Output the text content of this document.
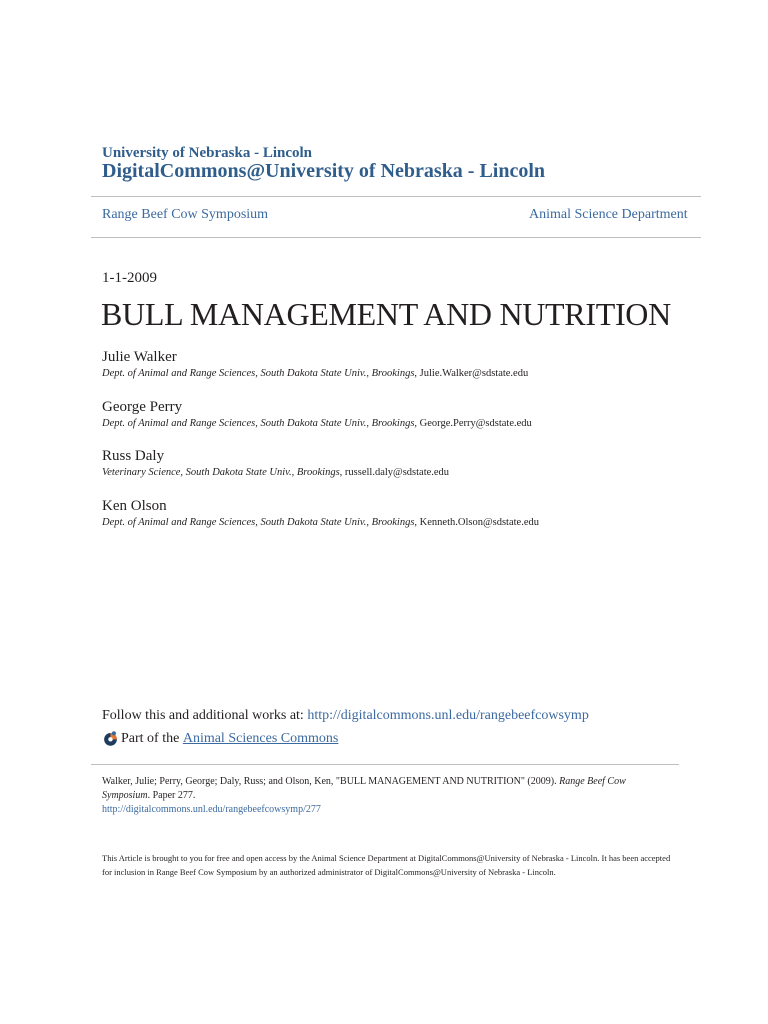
University of Nebraska - Lincoln
DigitalCommons@University of Nebraska - Lincoln
Range Beef Cow Symposium	Animal Science Department
1-1-2009
BULL MANAGEMENT AND NUTRITION
Julie Walker
Dept. of Animal and Range Sciences, South Dakota State Univ., Brookings, Julie.Walker@sdstate.edu
George Perry
Dept. of Animal and Range Sciences, South Dakota State Univ., Brookings, George.Perry@sdstate.edu
Russ Daly
Veterinary Science, South Dakota State Univ., Brookings, russell.daly@sdstate.edu
Ken Olson
Dept. of Animal and Range Sciences, South Dakota State Univ., Brookings, Kenneth.Olson@sdstate.edu
Follow this and additional works at: http://digitalcommons.unl.edu/rangebeefcowsymp
Part of the
Animal Sciences Commons
Walker, Julie; Perry, George; Daly, Russ; and Olson, Ken, "BULL MANAGEMENT AND NUTRITION" (2009). Range Beef Cow Symposium. Paper 277.
http://digitalcommons.unl.edu/rangebeefcowsymp/277
This Article is brought to you for free and open access by the Animal Science Department at DigitalCommons@University of Nebraska - Lincoln. It has been accepted for inclusion in Range Beef Cow Symposium by an authorized administrator of DigitalCommons@University of Nebraska - Lincoln.
